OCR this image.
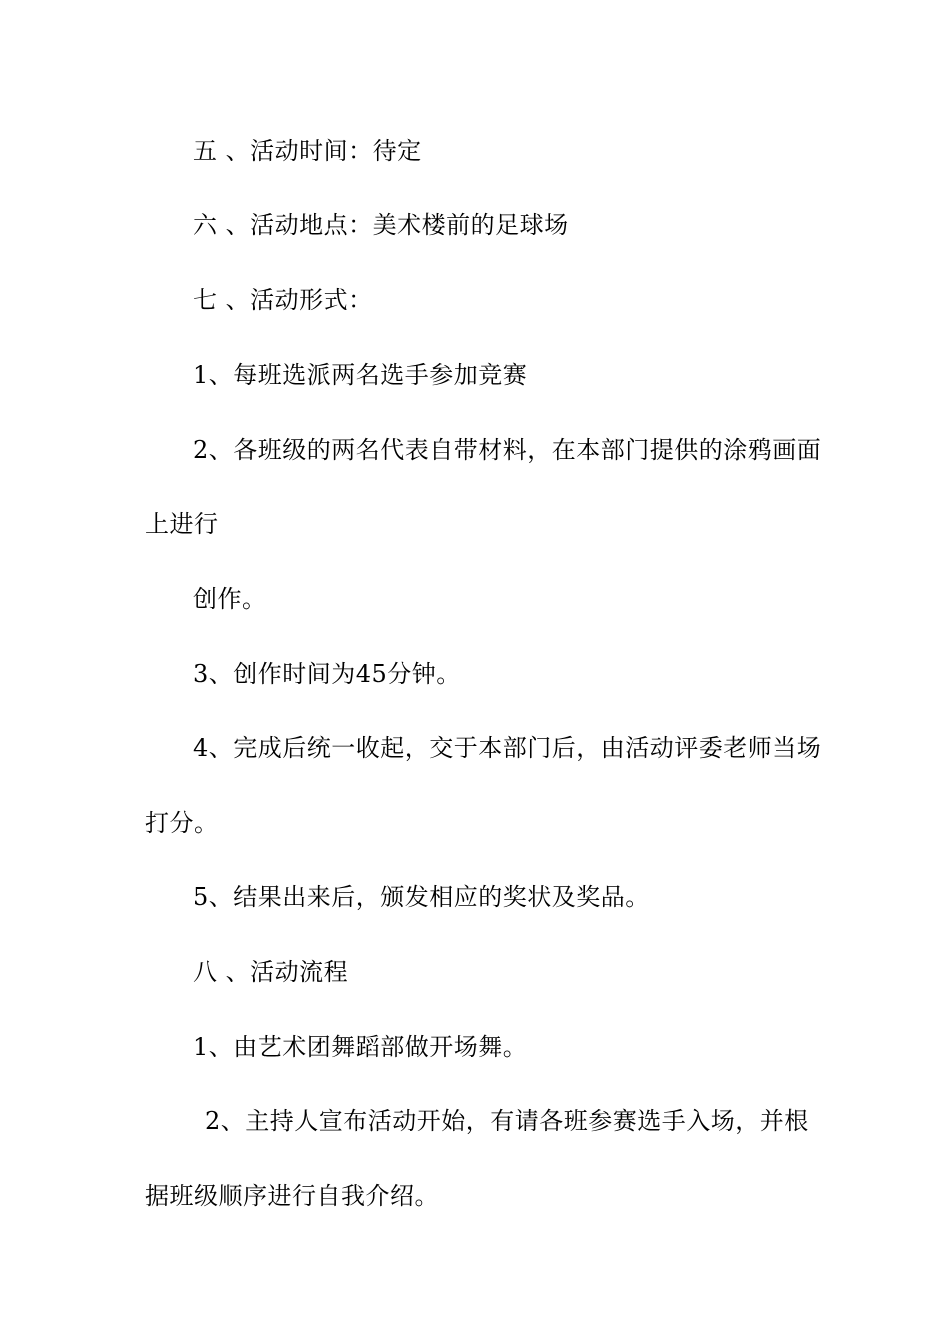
五 、活动时间：待定
六 、活动地点：美术楼前的足球场
七 、活动形式：
1、每班选派两名选手参加竞赛
2、各班级的两名代表自带材料，在本部门提供的涂鸦画面
上进行
创作。
3、创作时间为45分钟。
4、完成后统一收起，交于本部门后，由活动评委老师当场
打分。
5、结果出来后，颁发相应的奖状及奖品。
八 、活动流程
1、由艺术团舞蹈部做开场舞。
2、主持人宣布活动开始，有请各班参赛选手入场，并根
据班级顺序进行自我介绍。
